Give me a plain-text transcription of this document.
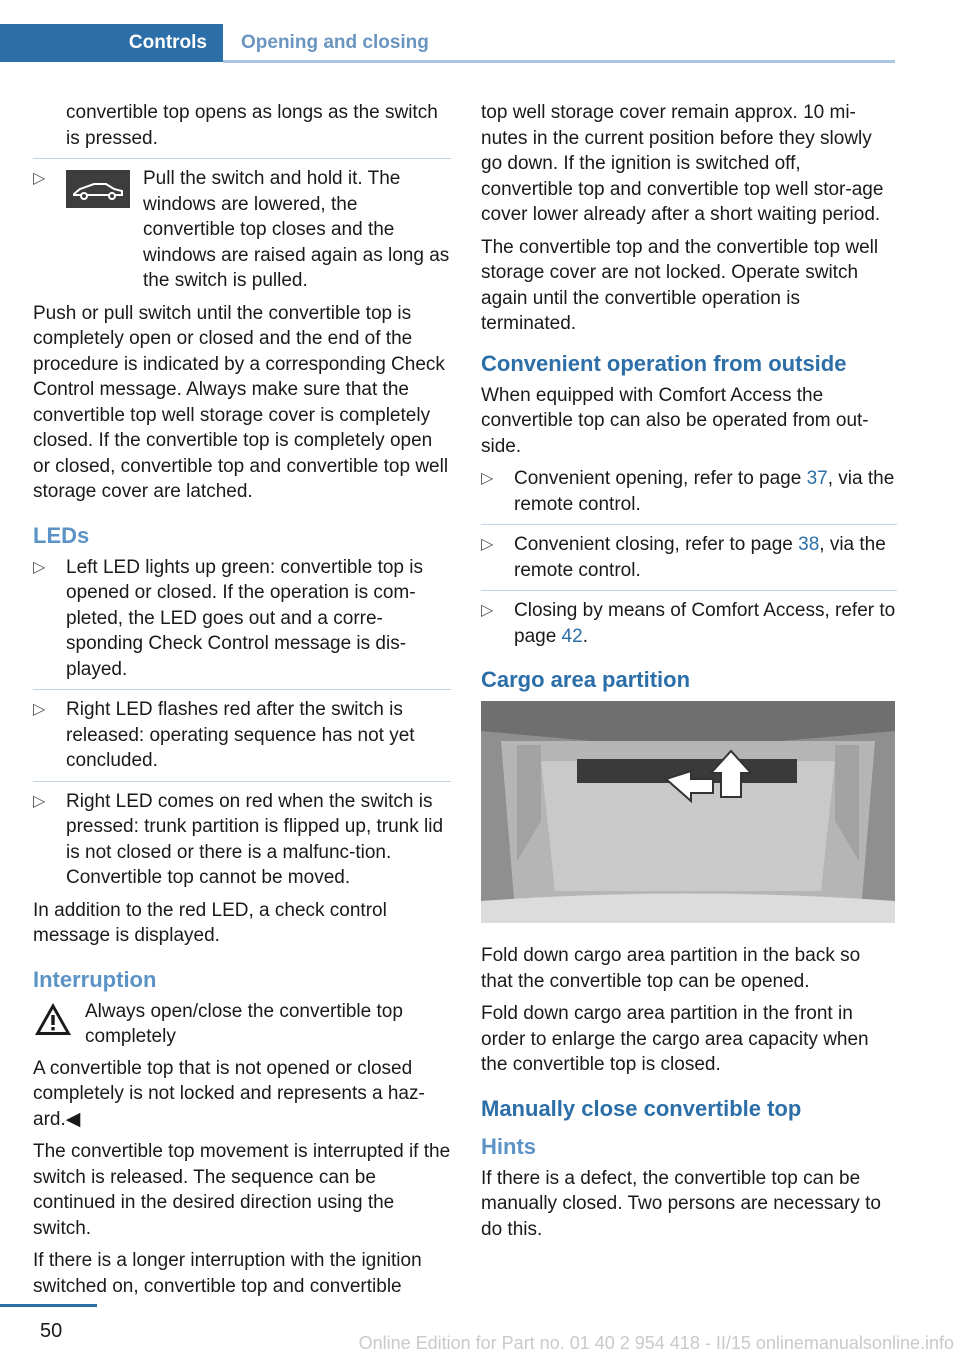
Controls	Opening and closing

convertible top opens as longs as the switch is pressed.

▷	Pull the switch and hold it. The windows are lowered, the convertible top closes and the windows are raised again as long as the switch is pulled.

Push or pull switch until the convertible top is completely open or closed and the end of the procedure is indicated by a corresponding Check Control message. Always make sure that the convertible top well storage cover is completely closed. If the convertible top is completely open or closed, convertible top and convertible top well storage cover are latched.

LEDs
▷ Left LED lights up green: convertible top is opened or closed. If the operation is com‐pleted, the LED goes out and a corre‐sponding Check Control message is dis‐played.
▷ Right LED flashes red after the switch is released: operating sequence has not yet concluded.
▷ Right LED comes on red when the switch is pressed: trunk partition is flipped up, trunk lid is not closed or there is a malfunc‐tion. Convertible top cannot be moved.

In addition to the red LED, a check control message is displayed.

Interruption
Always open/close the convertible top completely

A convertible top that is not opened or closed completely is not locked and represents a haz‐ard.◀

The convertible top movement is interrupted if the switch is released. The sequence can be continued in the desired direction using the switch.

If there is a longer interruption with the ignition switched on, convertible top and convertible

top well storage cover remain approx. 10 mi‐nutes in the current position before they slowly go down. If the ignition is switched off, convertible top and convertible top well stor‐age cover lower already after a short waiting period.

The convertible top and the convertible top well storage cover are not locked. Operate switch again until the convertible operation is terminated.

Convenient operation from outside

When equipped with Comfort Access the convertible top can also be operated from out‐side.

▷ Convenient opening, refer to page 37, via the remote control.
▷ Convenient closing, refer to page 38, via the remote control.
▷ Closing by means of Comfort Access, refer to page 42.
Cargo area partition

Fold down cargo area partition in the back so that the convertible top can be opened.

Fold down cargo area partition in the front in order to enlarge the cargo area capacity when the convertible top is closed.

Manually close convertible top
Hints

If there is a defect, the convertible top can be manually closed. Two persons are necessary to do this.

50
Online Edition for Part no. 01 40 2 954 418 - II/15 onlinemanualsonline.info
